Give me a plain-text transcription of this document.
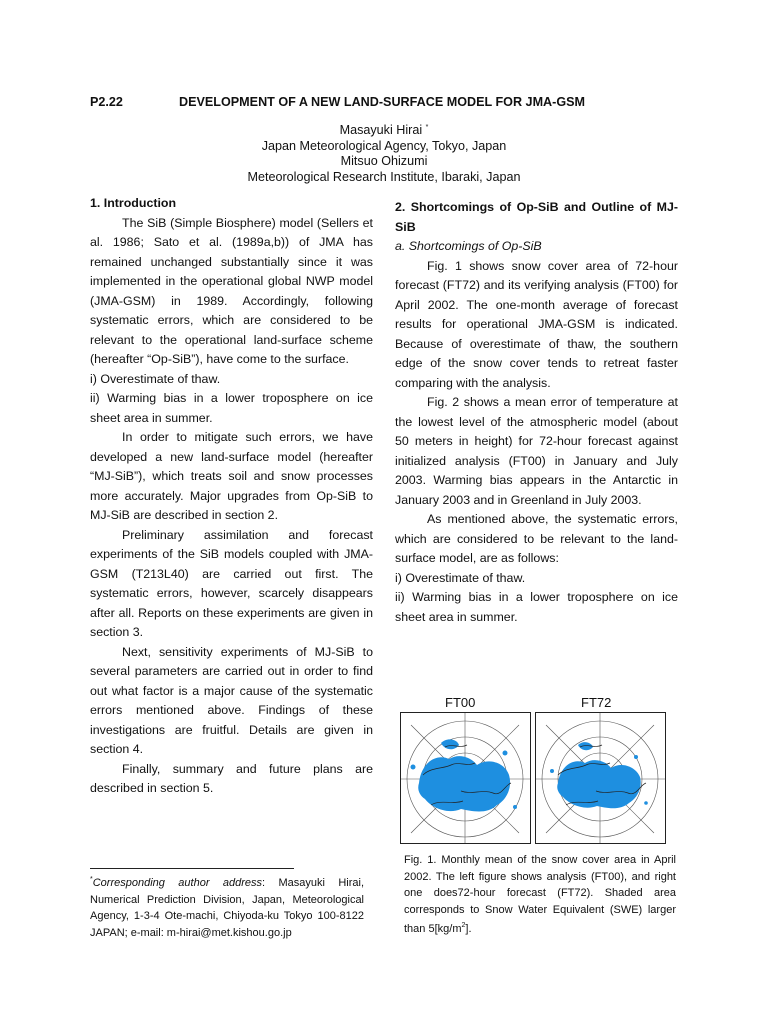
P2.22	DEVELOPMENT OF A NEW LAND-SURFACE MODEL FOR JMA-GSM
Masayuki Hirai *
Japan Meteorological Agency, Tokyo, Japan
Mitsuo Ohizumi
Meteorological Research Institute, Ibaraki, Japan

1. Introduction

The SiB (Simple Biosphere) model (Sellers et al. 1986; Sato et al. (1989a,b)) of JMA has remained unchanged substantially since it was implemented in the operational global NWP model (JMA-GSM) in 1989. Accordingly, following systematic errors, which are considered to be relevant to the operational land-surface scheme (hereafter “Op-SiB”), have come to the surface.

i) Overestimate of thaw.

ii) Warming bias in a lower troposphere on ice sheet area in summer.

In order to mitigate such errors, we have developed a new land-surface model (hereafter “MJ-SiB”), which treats soil and snow processes more accurately. Major upgrades from Op-SiB to MJ-SiB are described in section 2.

Preliminary assimilation and forecast experiments of the SiB models coupled with JMA-GSM (T213L40) are carried out first. The systematic errors, however, scarcely disappears after all. Reports on these experiments are given in section 3.

Next, sensitivity experiments of MJ-SiB to several parameters are carried out in order to find out what factor is a major cause of the systematic errors mentioned above. Findings of these investigations are fruitful. Details are given in section 4.

Finally, summary and future plans are described in section 5.

2. Shortcomings of Op-SiB and Outline of MJ-SiB

a. Shortcomings of Op-SiB

Fig. 1 shows snow cover area of 72-hour forecast (FT72) and its verifying analysis (FT00) for April 2002. The one-month average of forecast results for operational JMA-GSM is indicated. Because of overestimate of thaw, the southern edge of the snow cover tends to retreat faster comparing with the analysis.

Fig. 2 shows a mean error of temperature at the lowest level of the atmospheric model (about 50 meters in height) for 72-hour forecast against initialized analysis (FT00) in January and July 2003. Warming bias appears in the Antarctic in January 2003 and in Greenland in July 2003.

As mentioned above, the systematic errors, which are considered to be relevant to the land-surface model, are as follows:

i) Overestimate of thaw.

ii) Warming bias in a lower troposphere on ice sheet area in summer.

FT00	FT72
Fig. 1. Monthly mean of the snow cover area in April 2002. The left figure shows analysis (FT00), and right one does72-hour forecast (FT72). Shaded area corresponds to Snow Water Equivalent (SWE) larger than $5[kg/m^2]$.
*Corresponding author address: Masayuki Hirai, Numerical Prediction Division, Japan, Meteorological Agency, 1-3-4 Ote-machi, Chiyoda-ku Tokyo 100-8122 JAPAN; e-mail: m-hirai@met.kishou.go.jp
